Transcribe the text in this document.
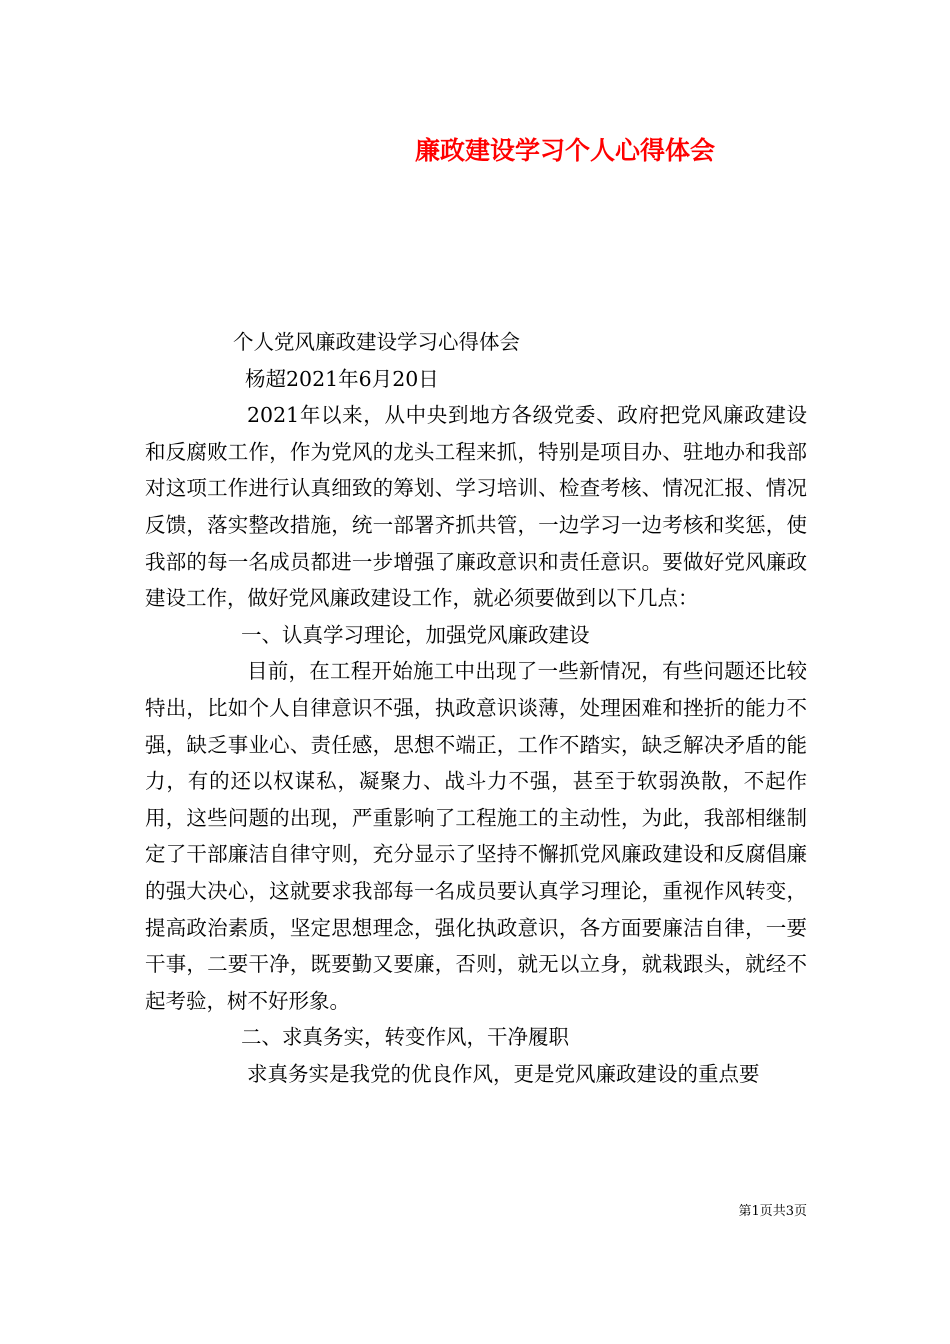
廉政建设学习个人心得体会

个人党风廉政建设学习心得体会

杨超2021年6月20日

2021年以来，从中央到地方各级党委、政府把党风廉政建设和反腐败工作，作为党风的龙头工程来抓，特别是项目办、驻地办和我部对这项工作进行认真细致的筹划、学习培训、检查考核、情况汇报、情况反馈，落实整改措施，统一部署齐抓共管，一边学习一边考核和奖惩，使我部的每一名成员都进一步增强了廉政意识和责任意识。要做好党风廉政建设工作，做好党风廉政建设工作，就必须要做到以下几点：

一、认真学习理论，加强党风廉政建设

目前，在工程开始施工中出现了一些新情况，有些问题还比较特出，比如个人自律意识不强，执政意识谈薄，处理困难和挫折的能力不强，缺乏事业心、责任感，思想不端正，工作不踏实，缺乏解决矛盾的能力，有的还以权谋私，凝聚力、战斗力不强，甚至于软弱涣散，不起作用，这些问题的出现，严重影响了工程施工的主动性，为此，我部相继制定了干部廉洁自律守则，充分显示了坚持不懈抓党风廉政建设和反腐倡廉的强大决心，这就要求我部每一名成员要认真学习理论，重视作风转变，提高政治素质，坚定思想理念，强化执政意识，各方面要廉洁自律，一要干事，二要干净，既要勤又要廉，否则，就无以立身，就栽跟头，就经不起考验，树不好形象。

二、求真务实，转变作风，干净履职

求真务实是我党的优良作风，更是党风廉政建设的重点要

第1页共3页
